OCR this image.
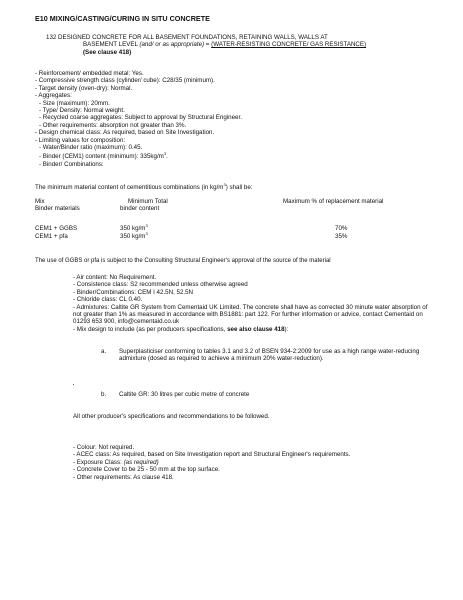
E10 MIXING/CASTING/CURING IN SITU CONCRETE
132 DESIGNED CONCRETE FOR ALL BASEMENT FOUNDATIONS, RETAINING WALLS, WALLS AT
BASEMENT LEVEL (and/ or as appropriate) = (WATER-RESISTING CONCRETE/ GAS RESISTANCE)
(See clause 418)
- Reinforcement/ embedded metal: Yes.
- Compressive strength class (cylinder/ cube): C28/35 (minimum).
- Target density (oven-dry): Normal.
- Aggregates:
- Size (maximum): 20mm.
- Type/ Density: Normal weight.
- Recycled coarse aggregates: Subject to approval by Structural Engineer.
- Other requirements: absorption not greater than 3%.
- Design chemical class: As required, based on Site Investigation.
- Limiting values for composition:
- Water/Binder ratio (maximum): 0.45.
- Binder (CEM1) content (minimum): $335kg/m^3$.
- Binder/ Combinations:
The minimum material content of cementitious combinations (in $kg/m^3$) shall be:
Mix	Minimum Total	Maximum % of replacement material
Binder materials	binder content
CEM1 + GGBS	350 $kg/m^3$	70%
CEM1 + pfa	350 $kg/m^3$	35%
The use of GGBS or pfa is subject to the Consulting Structural Engineer's approval of the source of the material
- Air content: No Requirement.
- Consistence class: S2 recommended unless otherwise agreed
- Binder/Combinations: CEM I 42.5N, 52.5N
- Chloride class: CL 0.40.
- Admixtures: Caltite GR System from Cementaid UK Limited. The concrete shall have as corrected 30 minute water absorption of not greater than 1% as measured in accordance with BS1881: part 122. For further information or advice, contact Cementaid on 01293 653 900, info@cementaid.co.uk
- Mix design to include (as per producers specifications, see also clause 418):
a. Superplasticiser conforming to tables 3.1 and 3.2 of BSEN 934-2:2009 for use as a high range water-reducing admixture (dosed as required to achieve a minimum 20% water-reduction).
b. Caltite GR: 30 litres per cubic metre of concrete
All other producer's specifications and recommendations to be followed.
- Colour: Not required.
- ACEC class: As required, based on Site Investigation report and Structural Engineer's requirements.
- Exposure Class: (as required)
- Concrete Cover to be 25 - 50 mm at the top surface.
- Other requirements: As clause 418.
